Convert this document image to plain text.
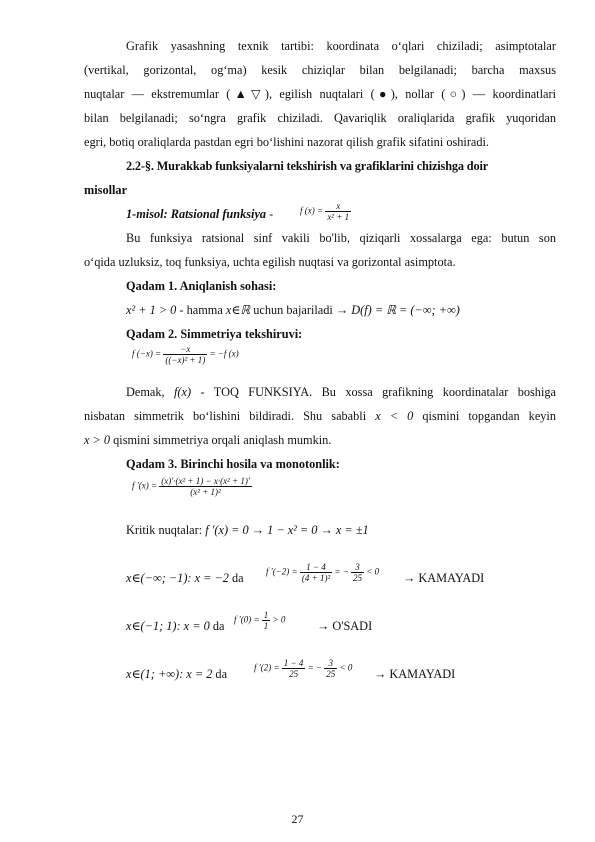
Grafik yasashning texnik tartibi: koordinata o‘qlari chiziladi; asimptotalar
(vertikal, gorizontal, og‘ma) kesik chiziqlar bilan belgilanadi; barcha maxsus
nuqtalar — ekstremumlar (▲▽), egilish nuqtalari (●), nollar (○) — koordinatlari
bilan belgilanadi; so‘ngra grafik chiziladi. Qavariqlik oraliqlarida grafik yuqoridan
egri, botiq oraliqlarda pastdan egri bo‘lishini nazorat qilish grafik sifatini oshiradi.
2.2-§. Murakkab funksiyalarni tekshirish va grafiklarini chizishga doir
misollar
1-misol: Ratsional funksiya -	f $(x) = \frac{x}{\text{x² + 1}}$
Bu funksiya ratsional sinf vakili bo'lib, qiziqarli xossalarga ega: butun son
o‘qida uzluksiz, toq funksiya, uchta egilish nuqtasi va gorizontal asimptota.
Qadam 1. Aniqlanish sohasi:
x² + 1 > 0 - hamma x∈ℝ uchun bajariladi → D(f) = ℝ = (−∞; +∞)
Qadam 2. Simmetriya tekshiruvi:
f $(-x) = \frac{-x}{\text{((−x)² + 1)}} = -f$ (x)
Demak, f(x) - TOQ FUNKSIYA. Bu xossa grafikning koordinatalar boshiga
nisbatan simmetrik bo‘lishini bildiradi. Shu sababli x < 0 qismini topgandan keyin
x > 0 qismini simmetriya orqali aniqlash mumkin.
Qadam 3. Birinchi hosila va monotonlik:
f $'(x) = \frac{\text{(x)′·(x² + 1) − x·(x² + 1)′}}{\text{(x² + 1)²}}$
Kritik nuqtalar: f ′(x) = 0 → 1 − x² = 0 → x = ±1
x∈(−∞; −1): x = −2 da	f $'(-2) = \frac{1 - 4}{\text{(4 + 1)²}}$ = − $\frac{3}{25} < 0$ → KAMAYADI
x∈(−1; 1): x = 0 da	f $'(0) = \frac{1}{1} > 0$	→ O'SADI
x∈(1; +∞): x = 2 da	f $'(2) = \frac{1 - 4}{25}$ = − $\frac{3}{25} < 0$ → KAMAYADI
27
